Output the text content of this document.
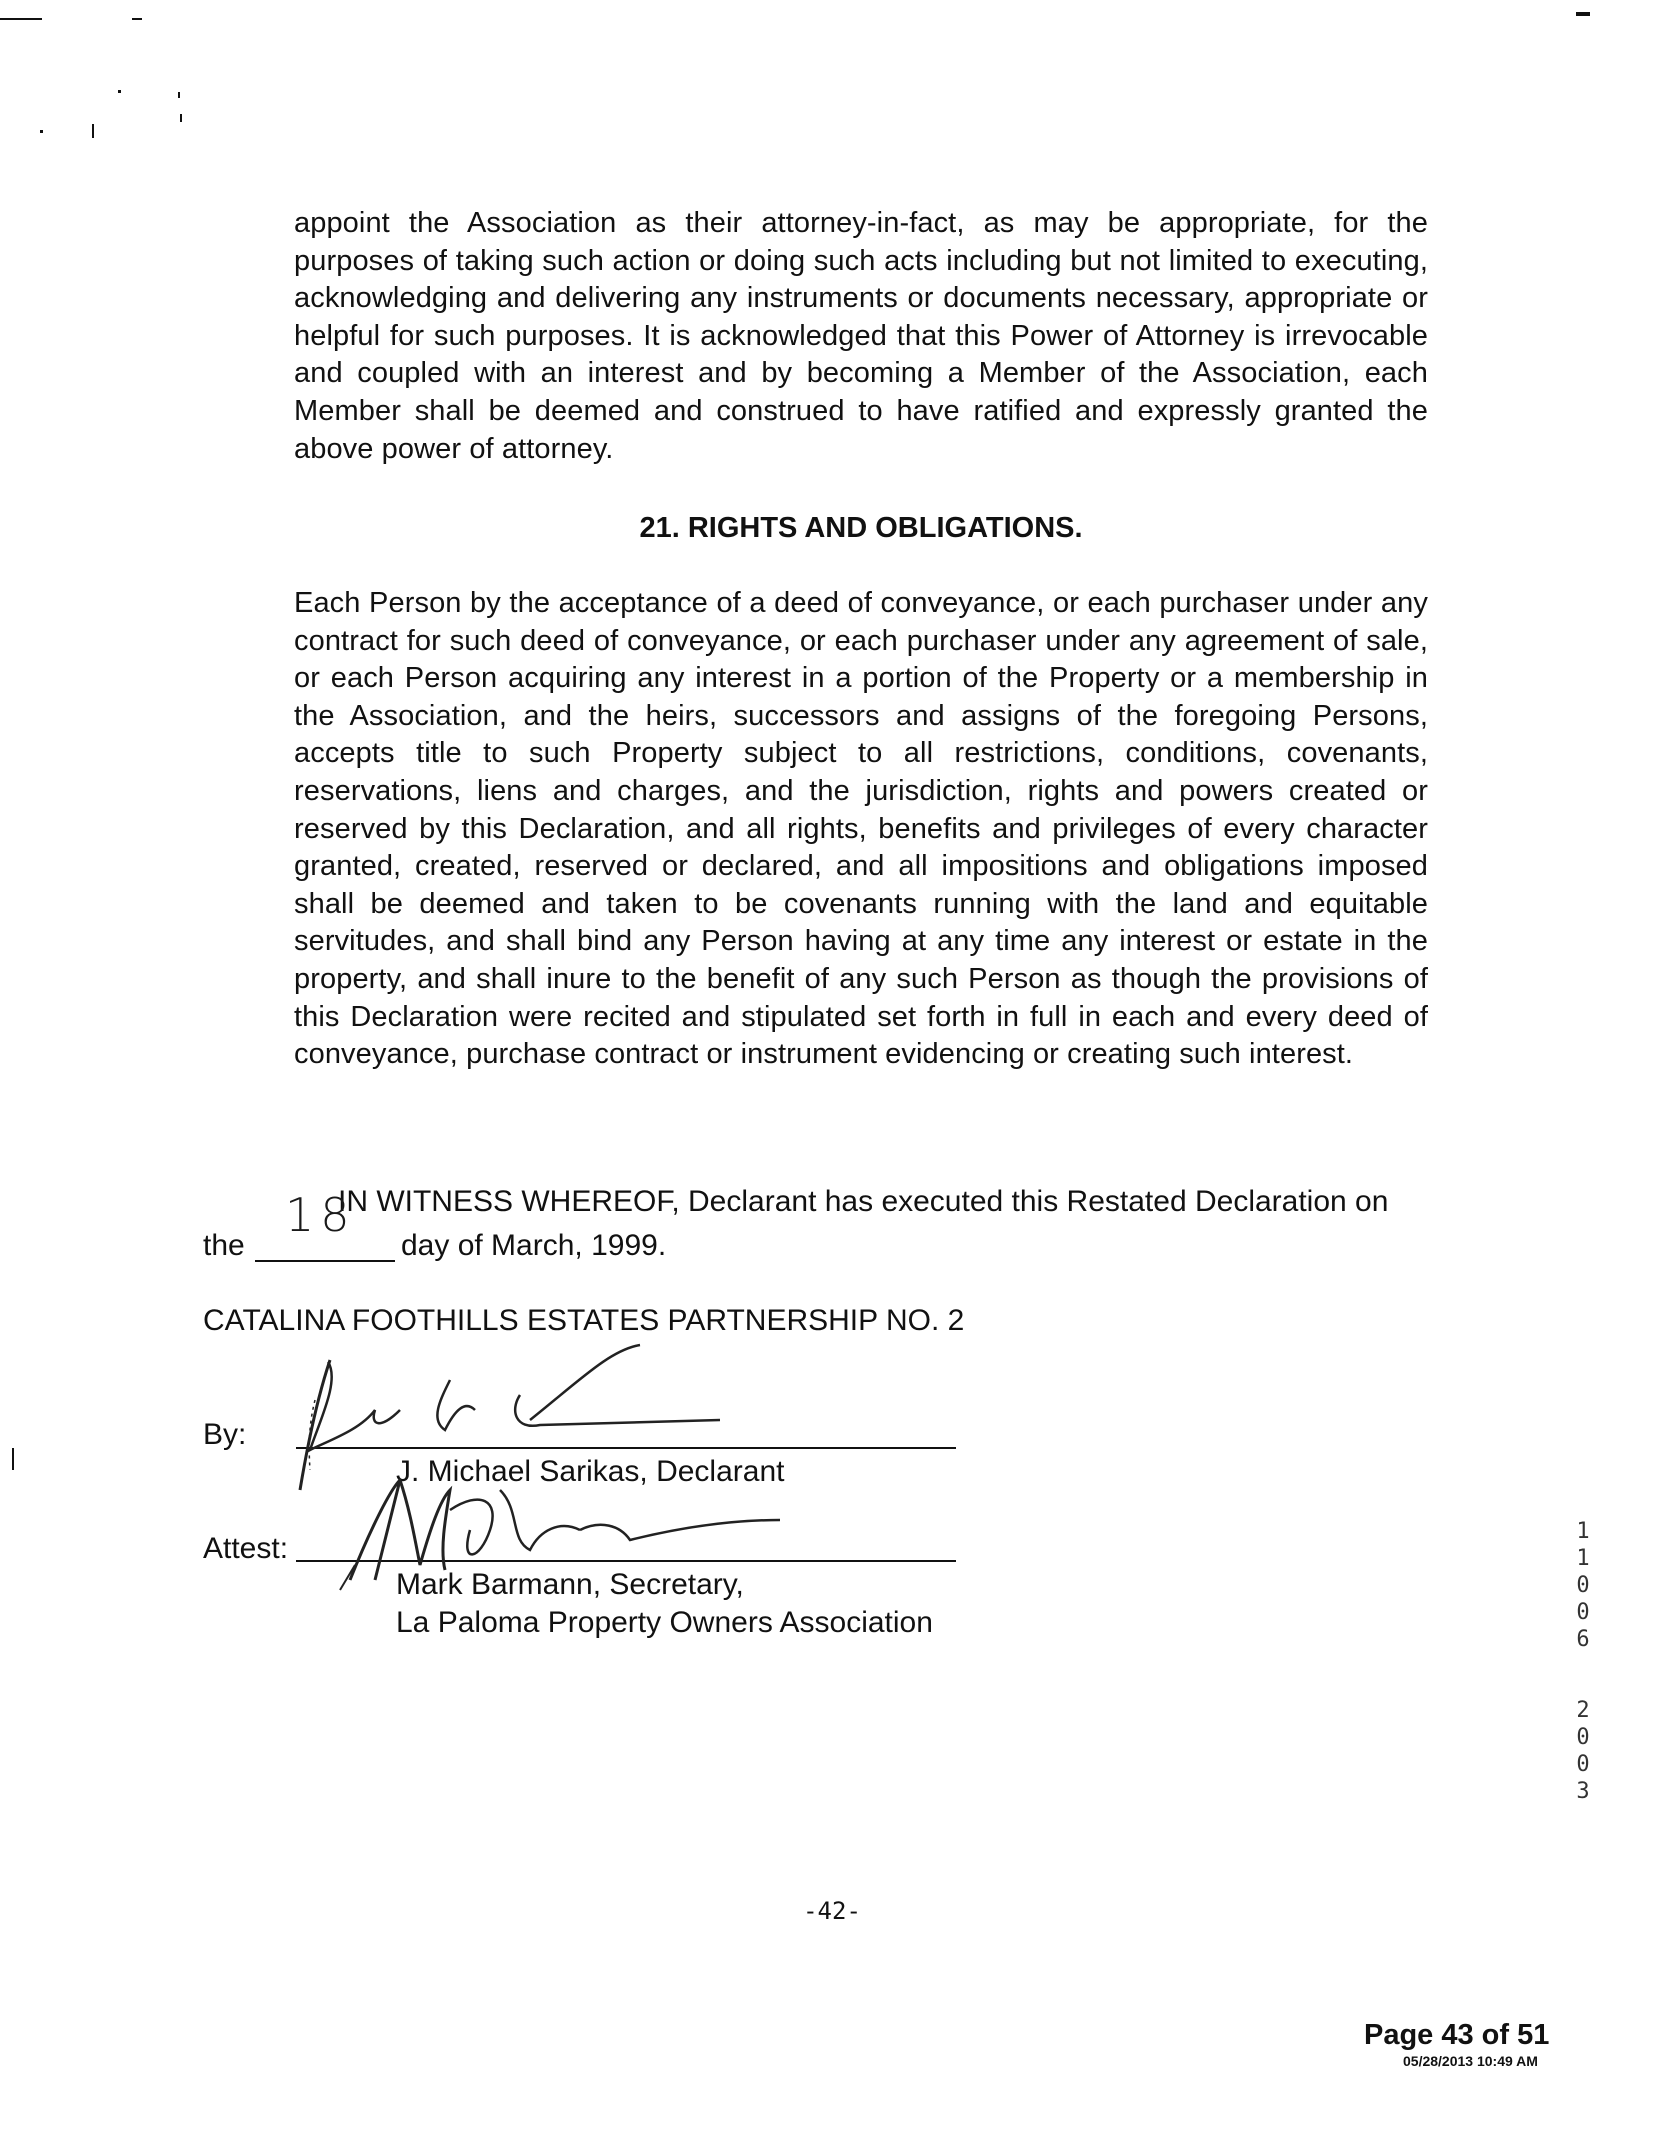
appoint the Association as their attorney-in-fact, as may be appropriate, for the purposes of taking such action or doing such acts including but not limited to executing, acknowledging and delivering any instruments or documents necessary, appropriate or helpful for such purposes. It is acknowledged that this Power of Attorney is irrevocable and coupled with an interest and by becoming a Member of the Association, each Member shall be deemed and construed to have ratified and expressly granted the above power of attorney.
21. RIGHTS AND OBLIGATIONS.
Each Person by the acceptance of a deed of conveyance, or each purchaser under any contract for such deed of conveyance, or each purchaser under any agreement of sale, or each Person acquiring any interest in a portion of the Property or a membership in the Association, and the heirs, successors and assigns of the foregoing Persons, accepts title to such Property subject to all restrictions, conditions, covenants, reservations, liens and charges, and the jurisdiction, rights and powers created or reserved by this Declaration, and all rights, benefits and privileges of every character granted, created, reserved or declared, and all impositions and obligations imposed shall be deemed and taken to be covenants running with the land and equitable servitudes, and shall bind any Person having at any time any interest or estate in the property, and shall inure to the benefit of any such Person as though the provisions of this Declaration were recited and stipulated set forth in full in each and every deed of conveyance, purchase contract or instrument evidencing or creating such interest.
IN WITNESS WHEREOF, Declarant has executed this Restated Declaration on
the
18
day of March, 1999.
CATALINA FOOTHILLS ESTATES PARTNERSHIP NO. 2
By:
J. Michael Sarikas, Declarant
Attest:
Mark Barmann, Secretary,
La Paloma Property Owners Association
1
1
0
0
6
2
0
0
3
-42-
Page 43 of 51
05/28/2013 10:49 AM
